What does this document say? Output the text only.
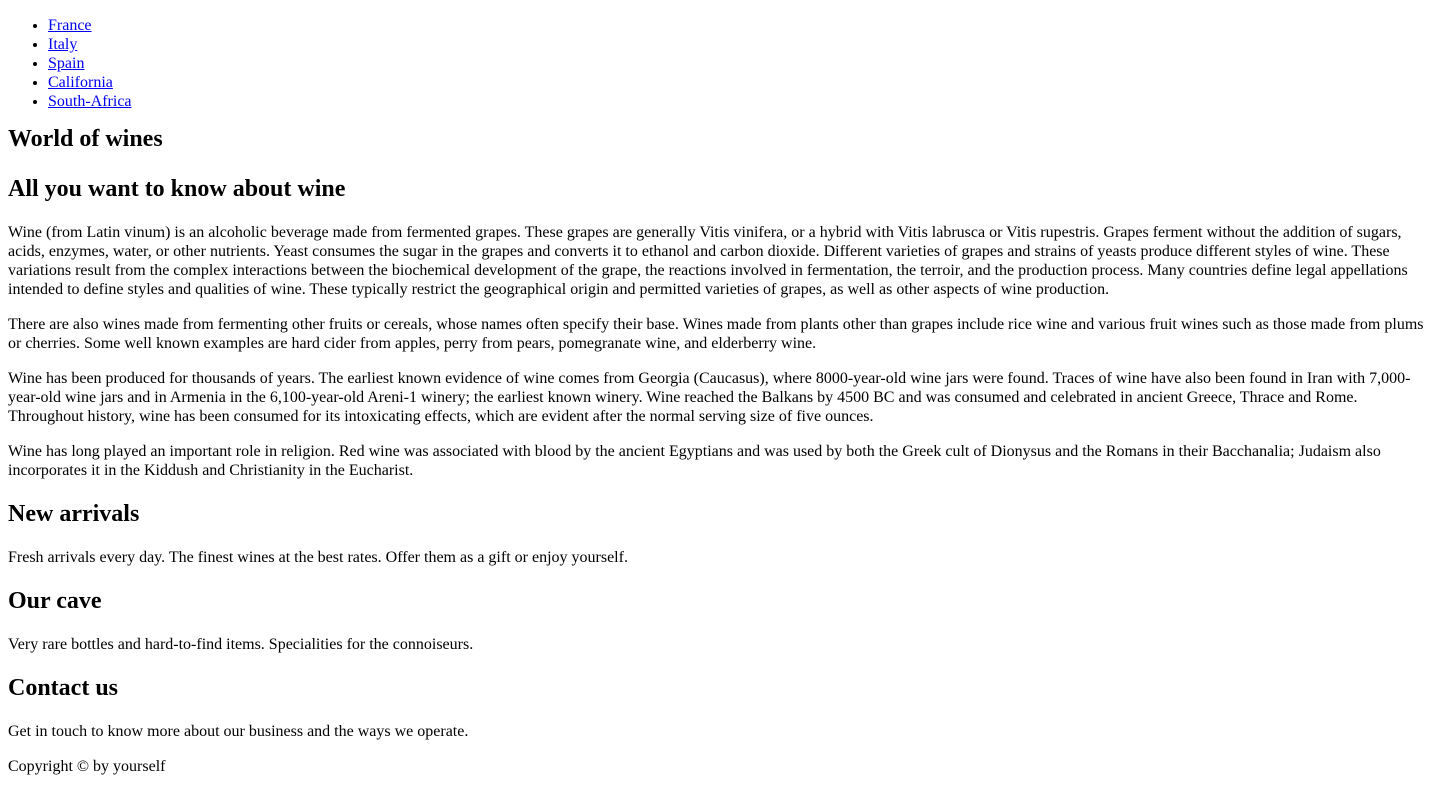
• France
• Italy
• Spain
• California
• South-Africa
World of wines
All you want to know about wine

Wine (from Latin vinum) is an alcoholic beverage made from fermented grapes. These grapes are generally Vitis vinifera, or a hybrid with Vitis labrusca or Vitis rupestris. Grapes ferment without the addition of sugars, acids, enzymes, water, or other nutrients. Yeast consumes the sugar in the grapes and converts it to ethanol and carbon dioxide. Different varieties of grapes and strains of yeasts produce different styles of wine. These variations result from the complex interactions between the biochemical development of the grape, the reactions involved in fermentation, the terroir, and the production process. Many countries define legal appellations intended to define styles and qualities of wine. These typically restrict the geographical origin and permitted varieties of grapes, as well as other aspects of wine production.

There are also wines made from fermenting other fruits or cereals, whose names often specify their base. Wines made from plants other than grapes include rice wine and various fruit wines such as those made from plums or cherries. Some well known examples are hard cider from apples, perry from pears, pomegranate wine, and elderberry wine.

Wine has been produced for thousands of years. The earliest known evidence of wine comes from Georgia (Caucasus), where 8000-year-old wine jars were found. Traces of wine have also been found in Iran with 7,000-year-old wine jars and in Armenia in the 6,100-year-old Areni-1 winery; the earliest known winery. Wine reached the Balkans by 4500 BC and was consumed and celebrated in ancient Greece, Thrace and Rome. Throughout history, wine has been consumed for its intoxicating effects, which are evident after the normal serving size of five ounces.

Wine has long played an important role in religion. Red wine was associated with blood by the ancient Egyptians and was used by both the Greek cult of Dionysus and the Romans in their Bacchanalia; Judaism also incorporates it in the Kiddush and Christianity in the Eucharist.

New arrivals

Fresh arrivals every day. The finest wines at the best rates. Offer them as a gift or enjoy yourself.

Our cave

Very rare bottles and hard-to-find items. Specialities for the connoiseurs.

Contact us

Get in touch to know more about our business and the ways we operate.

Copyright © by yourself
